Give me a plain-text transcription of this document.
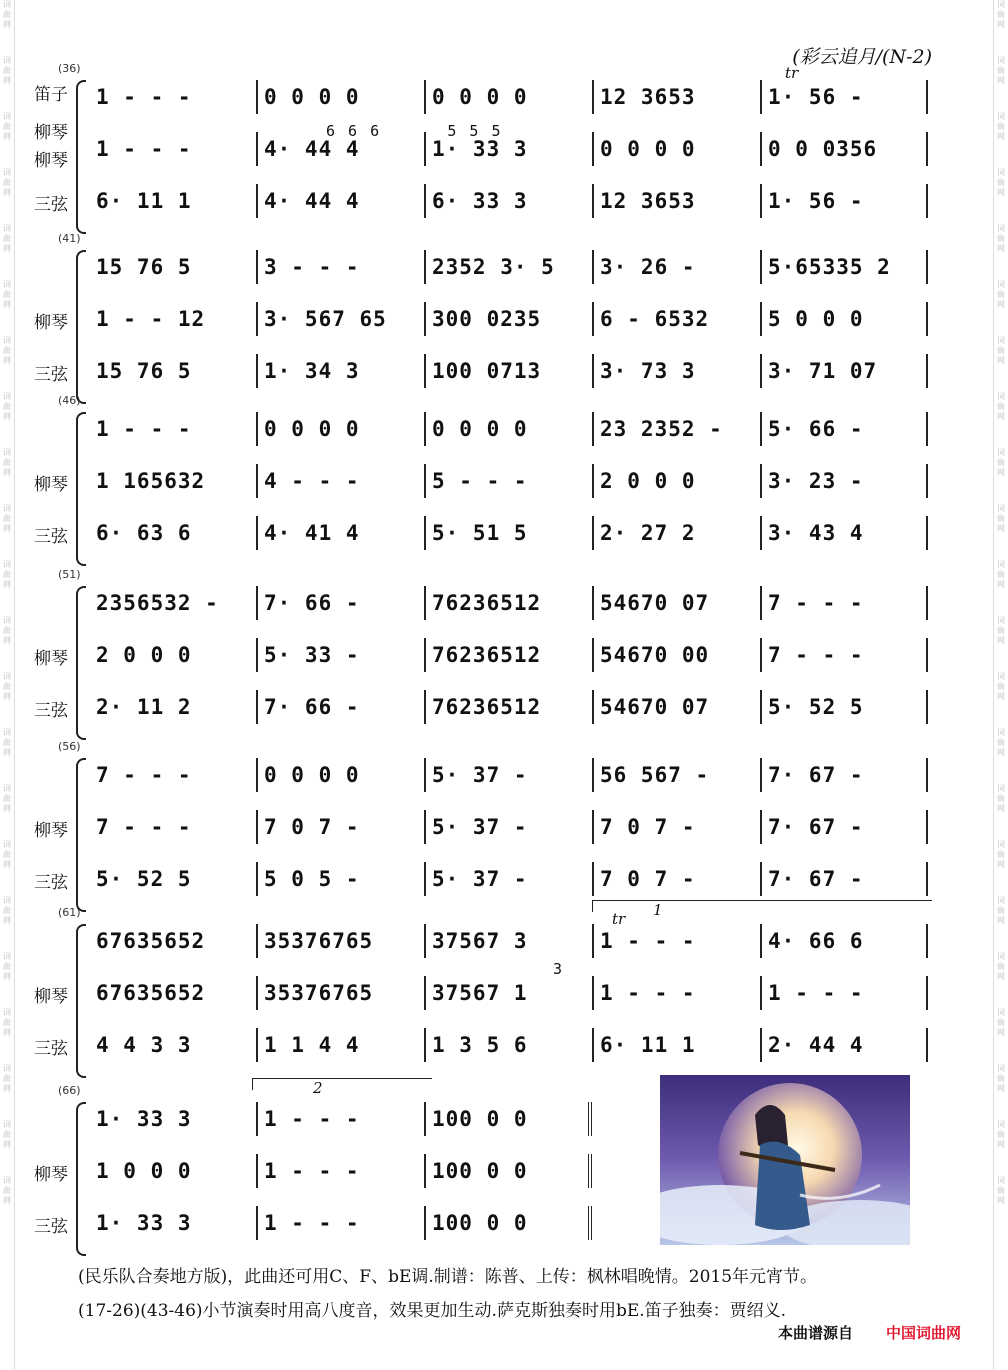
词
曲
网
词
曲
网
词
曲
网
词
曲
网
词
曲
网
词
曲
网
词
曲
网
词
曲
网
词
曲
网
词
曲
网
词
曲
网
词
曲
网
词
曲
网
词
曲
网
词
曲
网
词
曲
网
词
曲
网
词
曲
网
词
曲
网
词
曲
网
词
曲
网
词
曲
网
词
曲
网
词
曲
网
词
曲
网
词
曲
网
词
曲
网
词
曲
网
词
曲
网
词
曲
网
词
曲
网
词
曲
网
词
曲
网
词
曲
网
词
曲
网
词
曲
网
词
曲
网
词
曲
网
词
曲
网
词
曲
网
词
曲
网
词
曲
网
词
曲
网
词
曲
网
(彩云追月/(N-2)
(36)
笛子
柳琴
柳琴
三弦
6 6 6      5 5 5
tr
1 - - -	0 0 0 0	0 0 0 0	12 3653	1· 56 -
1 - - -	4· 44 4	1· 33 3	0 0 0 0	0 0 0356
6· 11 1	4· 44 4	6· 33 3	12 3653	1· 56 -
(41)
柳琴
三弦
15 76 5	3 - - -	2352 3· 5	3· 26 -	5·65335 2
1 - - 12	3· 567 65	300 0235	6 - 6532	5 0 0 0
15 76 5	1· 34 3	100 0713	3· 73 3	3· 71 07
(46)
柳琴
三弦
1 - - -	0 0 0 0	0 0 0 0	23 2352 -	5· 66 -
1 165632	4 - - -	5 - - -	2 0 0 0	3· 23 -
6· 63 6	4· 41 4	5· 51 5	2· 27 2	3· 43 4
(51)
柳琴
三弦
2356532 -	7· 66 -	76236512	54670 07	7 - - -
2 0 0 0	5· 33 -	76236512	54670 00	7 - - -
2· 11 2	7· 66 -	76236512	54670 07	5· 52 5
(56)
柳琴
三弦
7 - - -	0 0 0 0	5· 37 -	56 567 -	7· 67 -
7 - - -	7 0 7 -	5· 37 -	7 0 7 -	7· 67 -
5· 52 5	5 0 5 -	5· 37 -	7 0 7 -	7· 67 -
(61)
柳琴
三弦
3
tr	1
67635652	35376765	37567 3	1 - - -	4· 66 6
67635652	35376765	37567 1	1 - - -	1 - - -
4 4 3 3	1 1 4 4	1 3 5 6	6· 11 1	2· 44 4
(66)
柳琴
三弦
2
1· 33 3	1 - - -	100 0 0
1 0 0 0	1 - - -	100 0 0
1· 33 3	1 - - -	100 0 0
(民乐队合奏地方版)，此曲还可用C、F、bE调.制谱：陈普、上传：枫林唱晚情。2015年元宵节。
(17-26)(43-46)小节演奏时用高八度音，效果更加生动.萨克斯独奏时用bE.笛子独奏：贾绍义.
本曲谱源自 中国词曲网
